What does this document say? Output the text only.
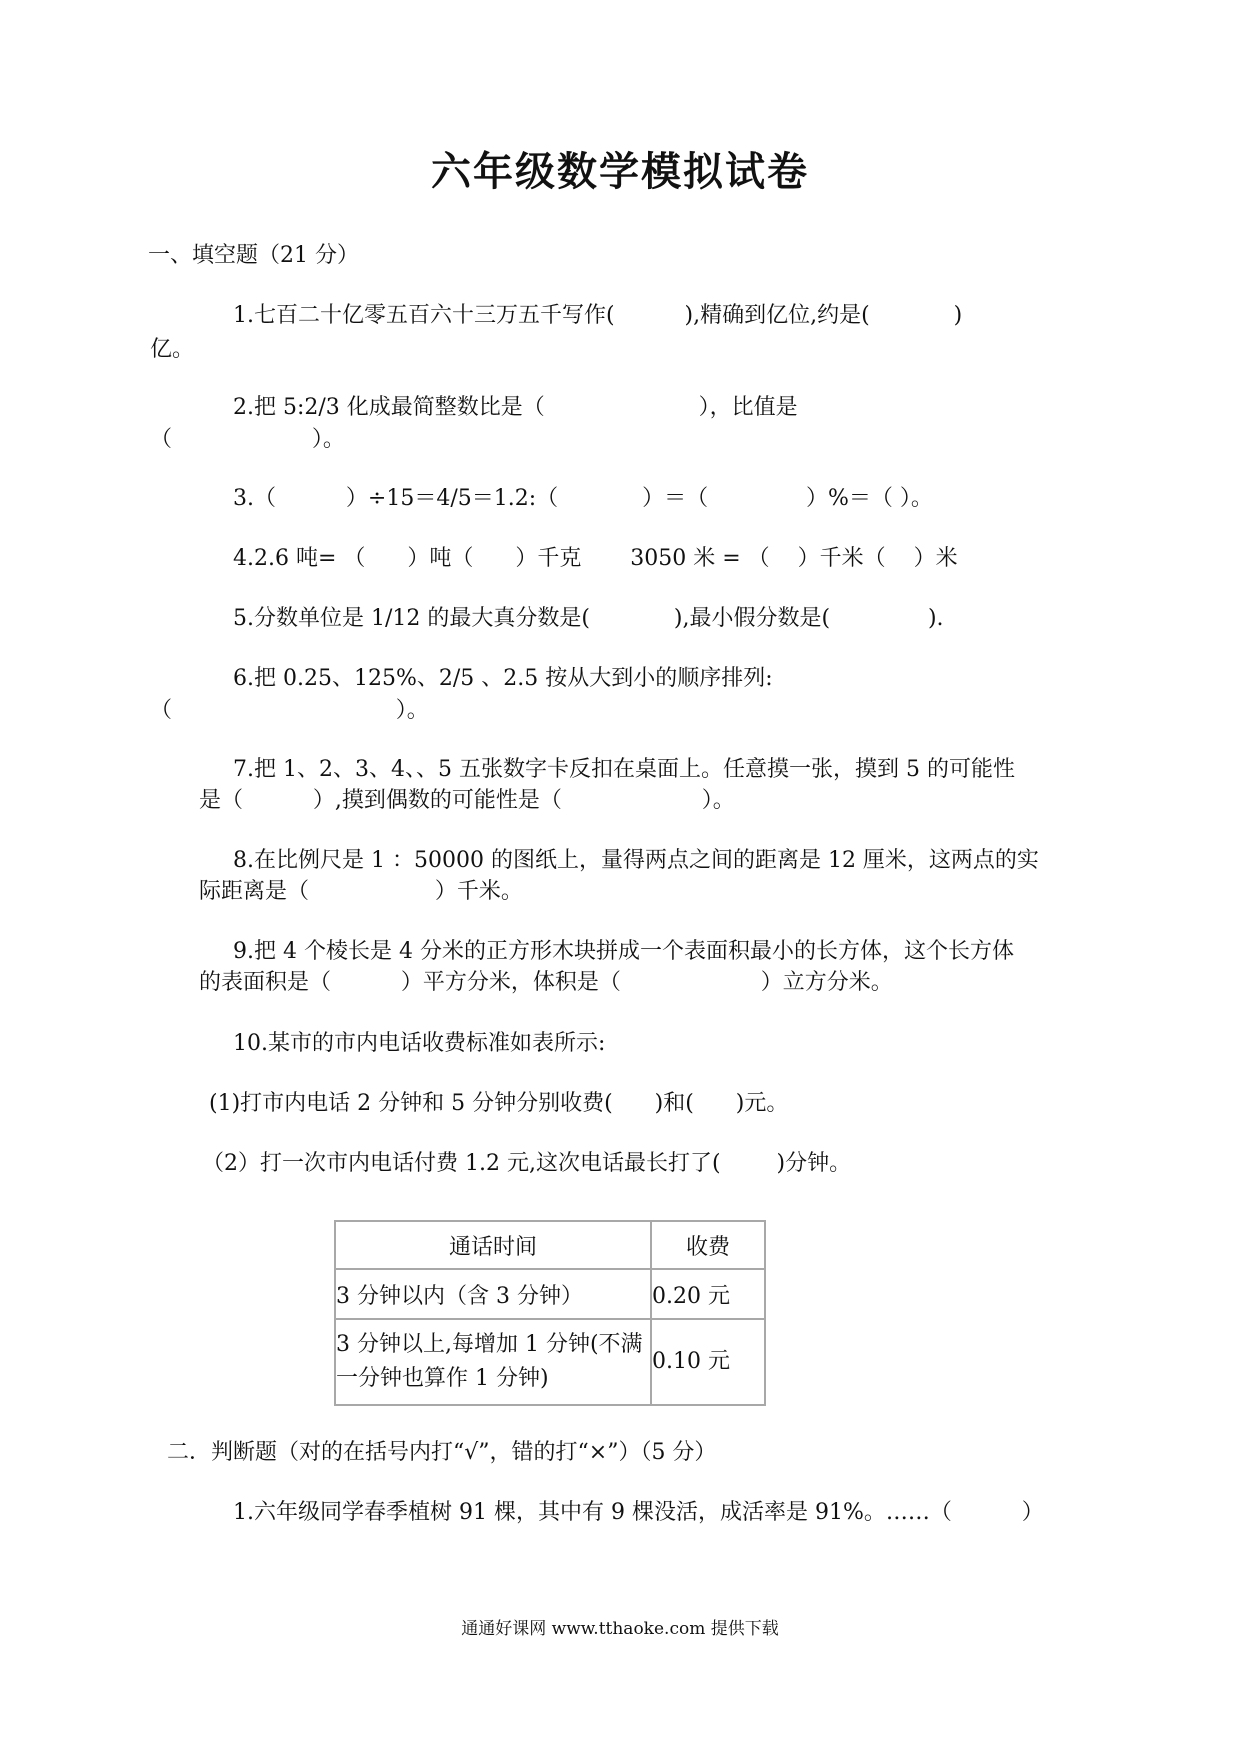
六年级数学模拟试卷
一、填空题（21 分）
1.七百二十亿零五百六十三万五千写作(          ),精确到亿位,约是(            )
亿。
2.把 5:2/3 化成最简整数比是（                      ），比值是
（                    ）。
3.（          ）÷15＝4/5＝1.2:（            ）＝（              ）%＝（ ）。
4.2.6 吨= （      ）吨（      ）千克       3050 米 = （    ）千米（    ）米
5.分数单位是 1/12 的最大真分数是(            ),最小假分数是(              ).
6.把 0.25、125%、2/5 、2.5 按从大到小的顺序排列:
（                                ）。
7.把 1、2、3、4、、5 五张数字卡反扣在桌面上。任意摸一张，摸到 5 的可能性
是（          ）,摸到偶数的可能性是（                    ）。
8.在比例尺是 1 ：50000 的图纸上，量得两点之间的距离是 12 厘米，这两点的实
际距离是（                  ）千米。
9.把 4 个棱长是 4 分米的正方形木块拼成一个表面积最小的长方体，这个长方体
的表面积是（          ）平方分米，体积是（                    ）立方分米。
10.某市的市内电话收费标准如表所示:
(1)打市内电话 2 分钟和 5 分钟分别收费(      )和(      )元。
（2）打一次市内电话付费 1.2 元,这次电话最长打了(        )分钟。
通话时间	收费
3 分钟以内（含 3 分钟）	0.20 元
3 分钟以上,每增加 1 分钟(不满一分钟也算作 1 分钟)	0.10 元
二．判断题（对的在括号内打“√”，错的打“×”）（5 分）
1.六年级同学春季植树 91 棵，其中有 9 棵没活，成活率是 91%。……（          ）
通通好课网 www.tthaoke.com 提供下载
